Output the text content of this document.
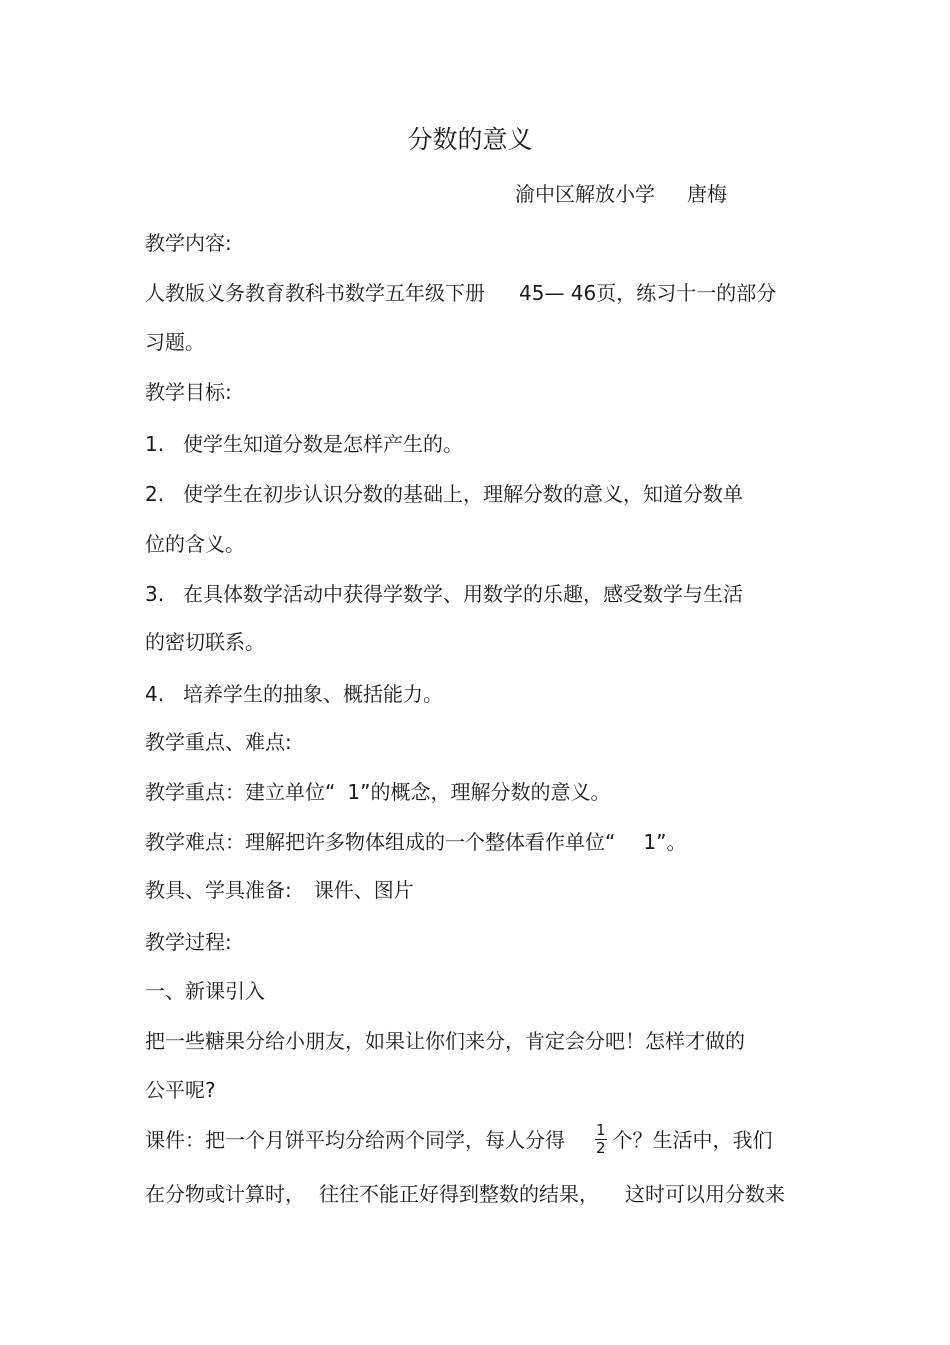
分数的意义
渝中区解放小学 唐梅
教学内容:
人教版义务教育教科书数学五年级下册 45— 46页，练习十一的部分
习题。
教学目标:
1. 使学生知道分数是怎样产生的。
2. 使学生在初步认识分数的基础上，理解分数的意义，知道分数单
位的含义。
3. 在具体数学活动中获得学数学、用数学的乐趣，感受数学与生活
的密切联系。
4. 培养学生的抽象、概括能力。
教学重点、难点:
教学重点：建立单位“ 1”的概念，理解分数的意义。
教学难点：理解把许多物体组成的一个整体看作单位“ 1”。
教具、学具准备: 课件、图片
教学过程:
一、新课引入
把一些糖果分给小朋友，如果让你们来分，肯定会分吧！怎样才做的
公平呢?
课件：把一个月饼平均分给两个同学，每人分得 $\frac{1}{2}$ 个？生活中，我们
在分物或计算时， 往往不能正好得到整数的结果， 这时可以用分数来
